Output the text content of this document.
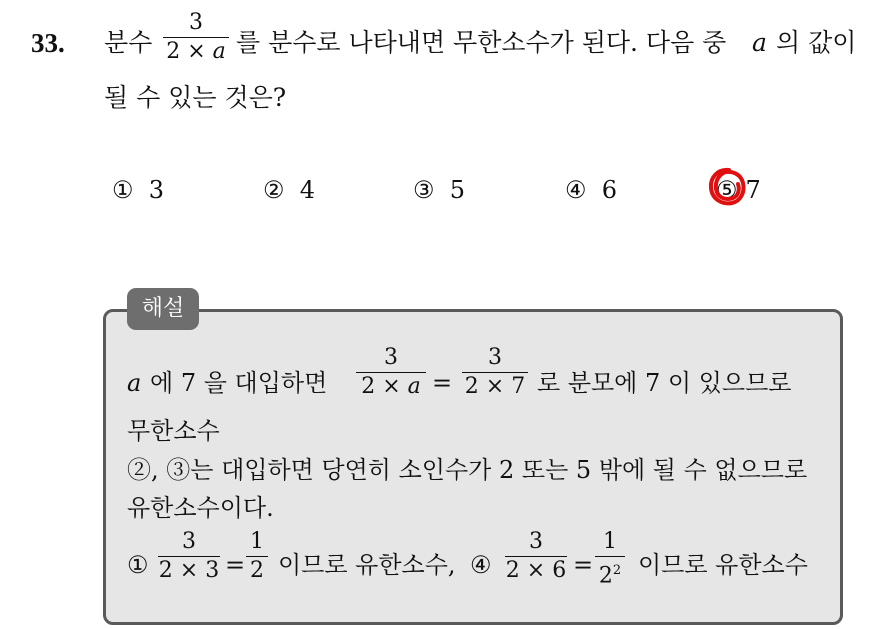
33. 분수
3
2 × a 를 분수로 나타내면 무한소수가 된다. 다음 중 a 의 값이
될 수 있는 것은?
① 3	② 4	③ 5	④ 6	⑤ 7
해설
a 에 7 을 대입하면
3
2 × a =
3
2 × 7 로 분모에 7 이 있으므로
무한소수
②, ③는 대입하면 당연히 소인수가 2 또는 5 밖에 될 수 없으므로
유한소수이다.
①
3
2 × 3 =
1
2 이므로 유한소수, ④
3
2 × 6 =
1
$2^2$ 이므로 유한소수
